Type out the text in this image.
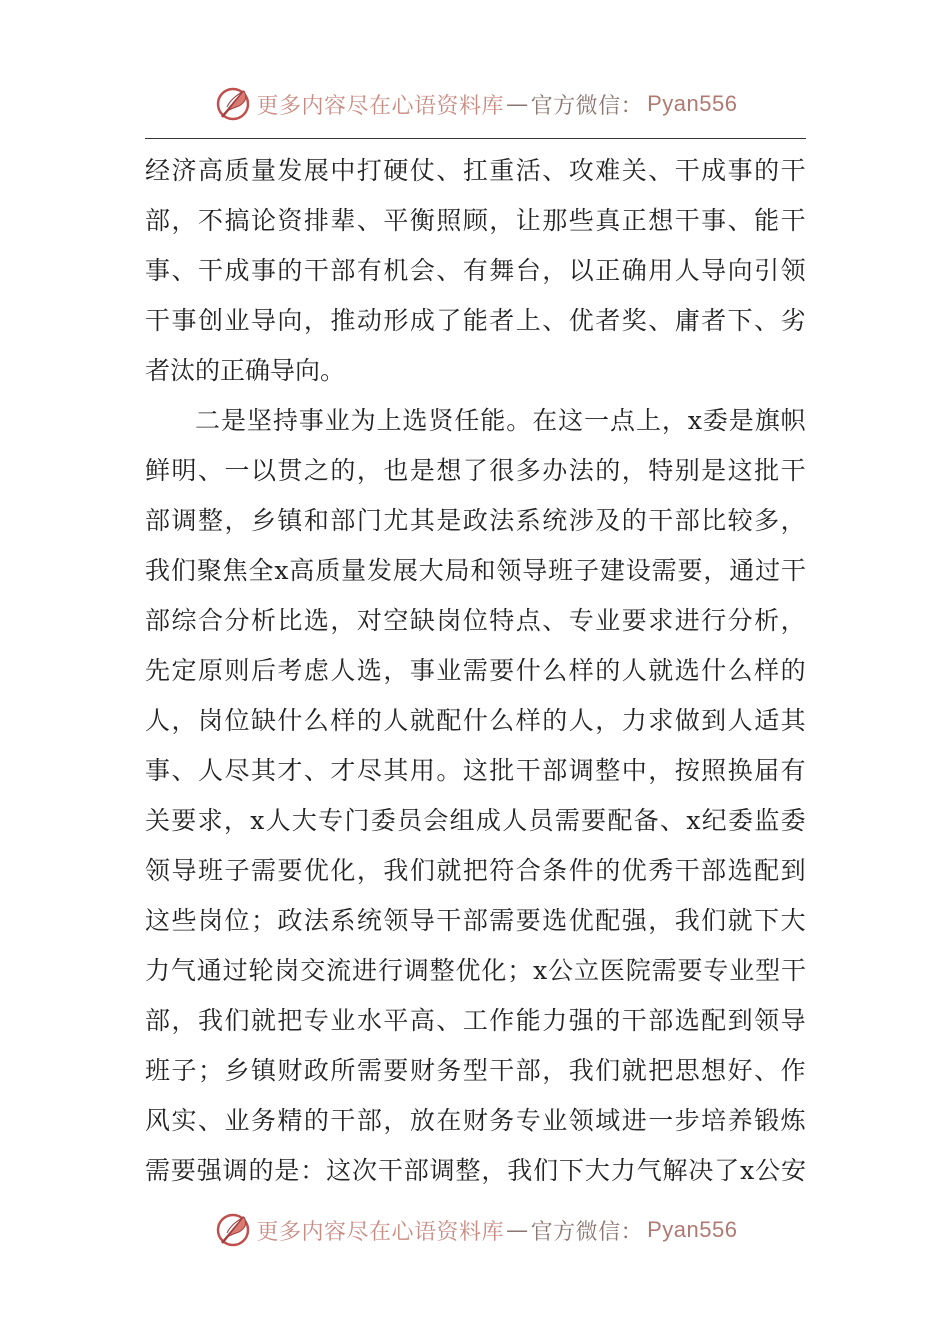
更多内容尽在心语资料库 — 官方微信： Pyan556
经 济 高 质 量 发 展 中 打 硬 仗 、 扛 重 活 、 攻 难 关 、 干 成 事 的 干
部 ， 不 搞 论 资 排 辈 、 平 衡 照 顾 ， 让 那 些 真 正 想 干 事 、 能 干
事 、 干 成 事 的 干 部 有 机 会 、 有 舞 台 ， 以 正 确 用 人 导 向 引 领
干 事 创 业 导 向 ， 推 动 形 成 了 能 者 上 、 优 者 奖 、 庸 者 下 、 劣
者汰的正确导向。
二 是 坚 持 事 业 为 上 选 贤 任 能 。 在 这 一 点 上 ， x 委 是 旗 帜
鲜 明 、 一 以 贯 之 的 ， 也 是 想 了 很 多 办 法 的 ， 特 别 是 这 批 干
部 调 整 ， 乡 镇 和 部 门 尤 其 是 政 法 系 统 涉 及 的 干 部 比 较 多 ，
我 们 聚 焦 全 x 高 质 量 发 展 大 局 和 领 导 班 子 建 设 需 要 ， 通 过 干
部 综 合 分 析 比 选 ， 对 空 缺 岗 位 特 点 、 专 业 要 求 进 行 分 析 ，
先 定 原 则 后 考 虑 人 选 ， 事 业 需 要 什 么 样 的 人 就 选 什 么 样 的
人 ， 岗 位 缺 什 么 样 的 人 就 配 什 么 样 的 人 ， 力 求 做 到 人 适 其
事 、 人 尽 其 才 、 才 尽 其 用 。 这 批 干 部 调 整 中 ， 按 照 换 届 有
关 要 求 ， x 人 大 专 门 委 员 会 组 成 人 员 需 要 配 备 、 x 纪 委 监 委
领 导 班 子 需 要 优 化 ， 我 们 就 把 符 合 条 件 的 优 秀 干 部 选 配 到
这 些 岗 位 ； 政 法 系 统 领 导 干 部 需 要 选 优 配 强 ， 我 们 就 下 大
力 气 通 过 轮 岗 交 流 进 行 调 整 优 化 ； x 公 立 医 院 需 要 专 业 型 干
部 ， 我 们 就 把 专 业 水 平 高 、 工 作 能 力 强 的 干 部 选 配 到 领 导
班 子 ； 乡 镇 财 政 所 需 要 财 务 型 干 部 ， 我 们 就 把 思 想 好 、 作
风 实 、 业 务 精 的 干 部 ， 放 在 财 务 专 业 领 域 进 一 步 培 养 锻 炼
需 要 强 调 的 是 ： 这 次 干 部 调 整 ， 我 们 下 大 力 气 解 决 了 x 公 安
更多内容尽在心语资料库 — 官方微信： Pyan556
